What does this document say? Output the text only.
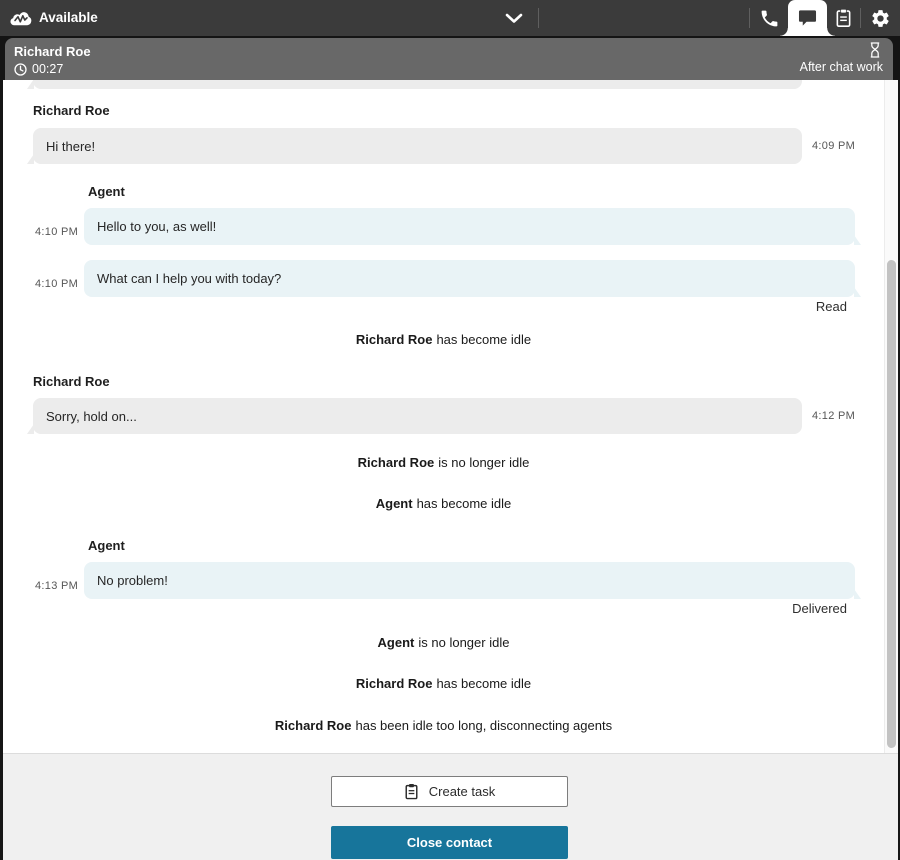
Available
Richard Roe
00:27	After chat work
Richard Roe
Hi there!	4:09 PM
Agent
4:10 PM Hello to you, as well!
4:10 PM What can I help you with today?
Read
Richard Roe has become idle
Richard Roe
Sorry, hold on...	4:12 PM
Richard Roe is no longer idle
Agent has become idle
Agent
4:13 PM No problem!
Delivered
Agent is no longer idle
Richard Roe has become idle
Richard Roe has been idle too long, disconnecting agents
Create task
Close contact
